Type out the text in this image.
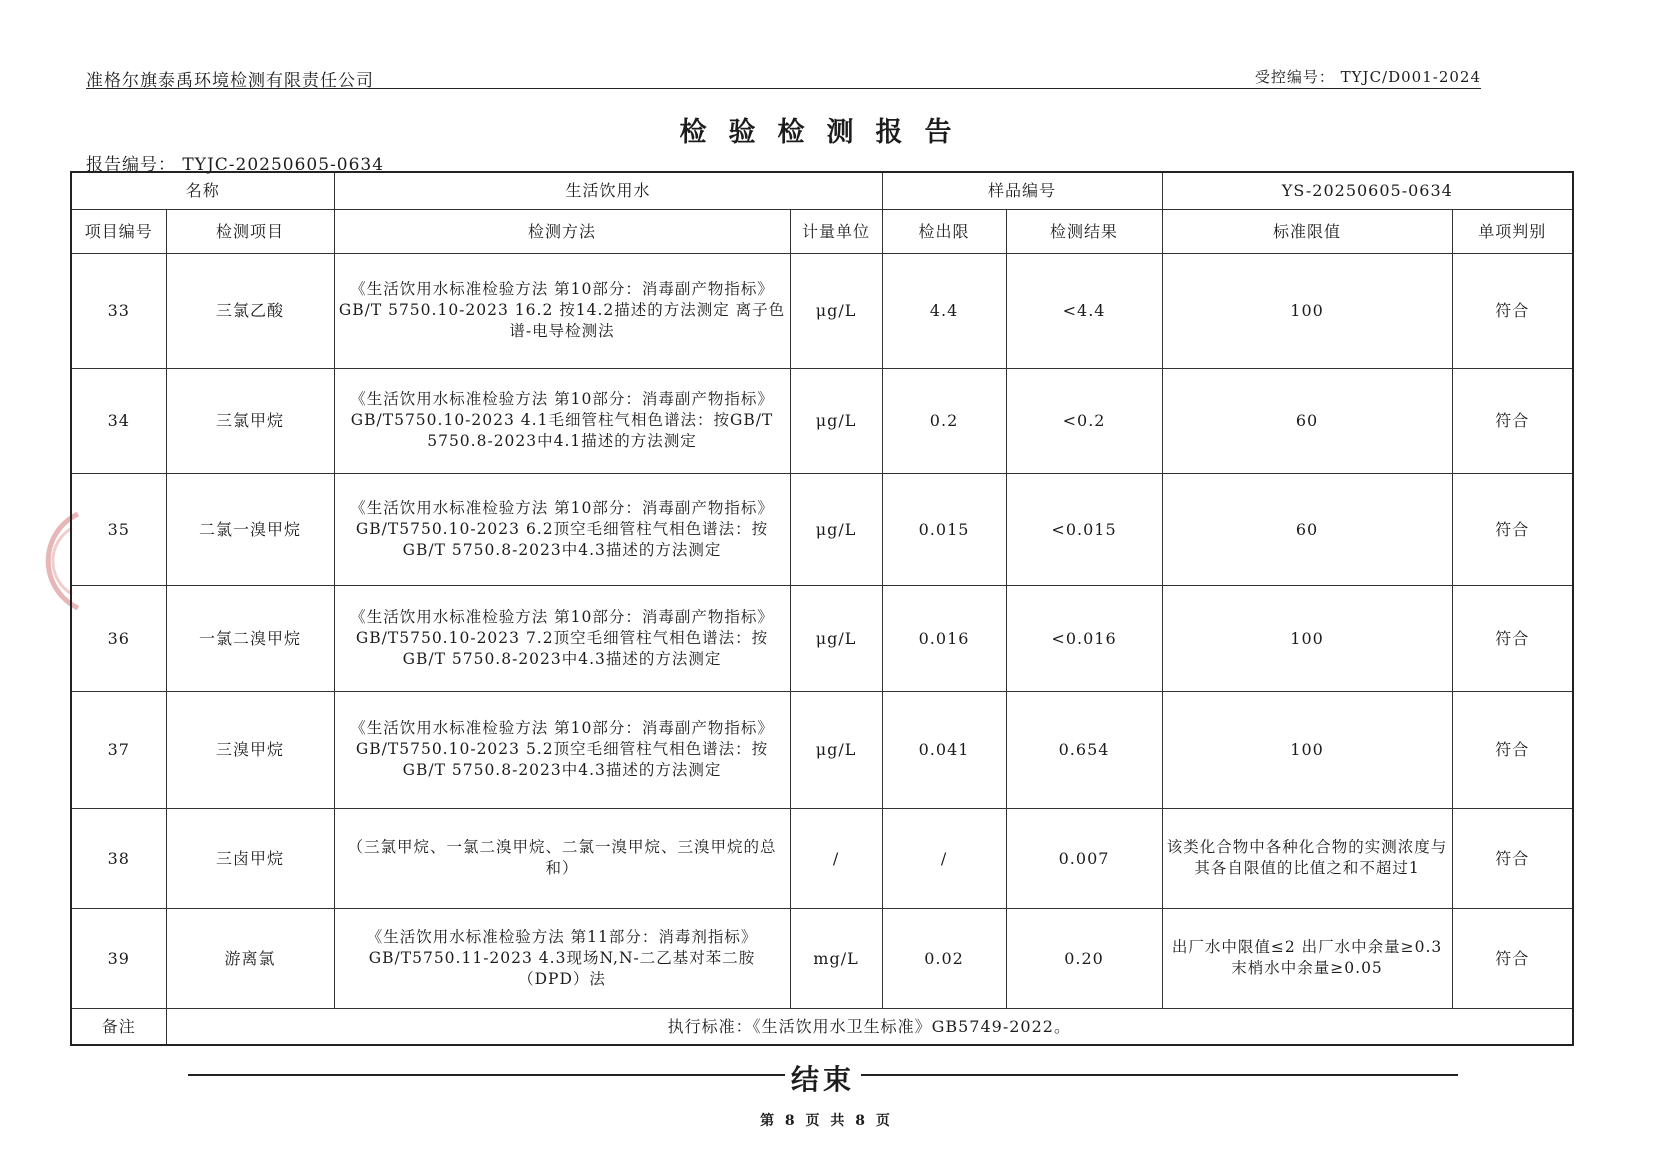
准格尔旗泰禹环境检测有限责任公司	受控编号： TYJC/D001-2024
检验检测报告
报告编号： TYJC-20250605-0634
名称		生活饮用水		样品编号		YS-20250605-0634	
项目编号	检测项目	检测方法	计量单位	检出限	检测结果	标准限值	单项判别
33	三氯乙酸	《生活饮用水标准检验方法 第10部分：消毒副产物指标》GB/T 5750.10-2023 16.2 按14.2描述的方法测定 离子色谱-电导检测法	μg/L	4.4	<4.4	100	符合
34	三氯甲烷	《生活饮用水标准检验方法 第10部分：消毒副产物指标》GB/T5750.10-2023 4.1毛细管柱气相色谱法：按GB/T 5750.8-2023中4.1描述的方法测定	μg/L	0.2	<0.2	60	符合
35	二氯一溴甲烷	《生活饮用水标准检验方法 第10部分：消毒副产物指标》GB/T5750.10-2023 6.2顶空毛细管柱气相色谱法：按GB/T 5750.8-2023中4.3描述的方法测定	μg/L	0.015	<0.015	60	符合
36	一氯二溴甲烷	《生活饮用水标准检验方法 第10部分：消毒副产物指标》GB/T5750.10-2023 7.2顶空毛细管柱气相色谱法：按GB/T 5750.8-2023中4.3描述的方法测定	μg/L	0.016	<0.016	100	符合
37	三溴甲烷	《生活饮用水标准检验方法 第10部分：消毒副产物指标》GB/T5750.10-2023 5.2顶空毛细管柱气相色谱法：按GB/T 5750.8-2023中4.3描述的方法测定	μg/L	0.041	0.654	100	符合
38	三卤甲烷	（三氯甲烷、一氯二溴甲烷、二氯一溴甲烷、三溴甲烷的总和）	/	/	0.007	该类化合物中各种化合物的实测浓度与其各自限值的比值之和不超过1	符合
39	游离氯	《生活饮用水标准检验方法 第11部分：消毒剂指标》GB/T5750.11-2023 4.3现场N,N-二乙基对苯二胺（DPD）法	mg/L	0.02	0.20	出厂水中限值≤2 出厂水中余量≥0.3 末梢水中余量≥0.05	符合
备注	执行标准：《生活饮用水卫生标准》GB5749-2022。						
结束
第 8 页 共 8 页
